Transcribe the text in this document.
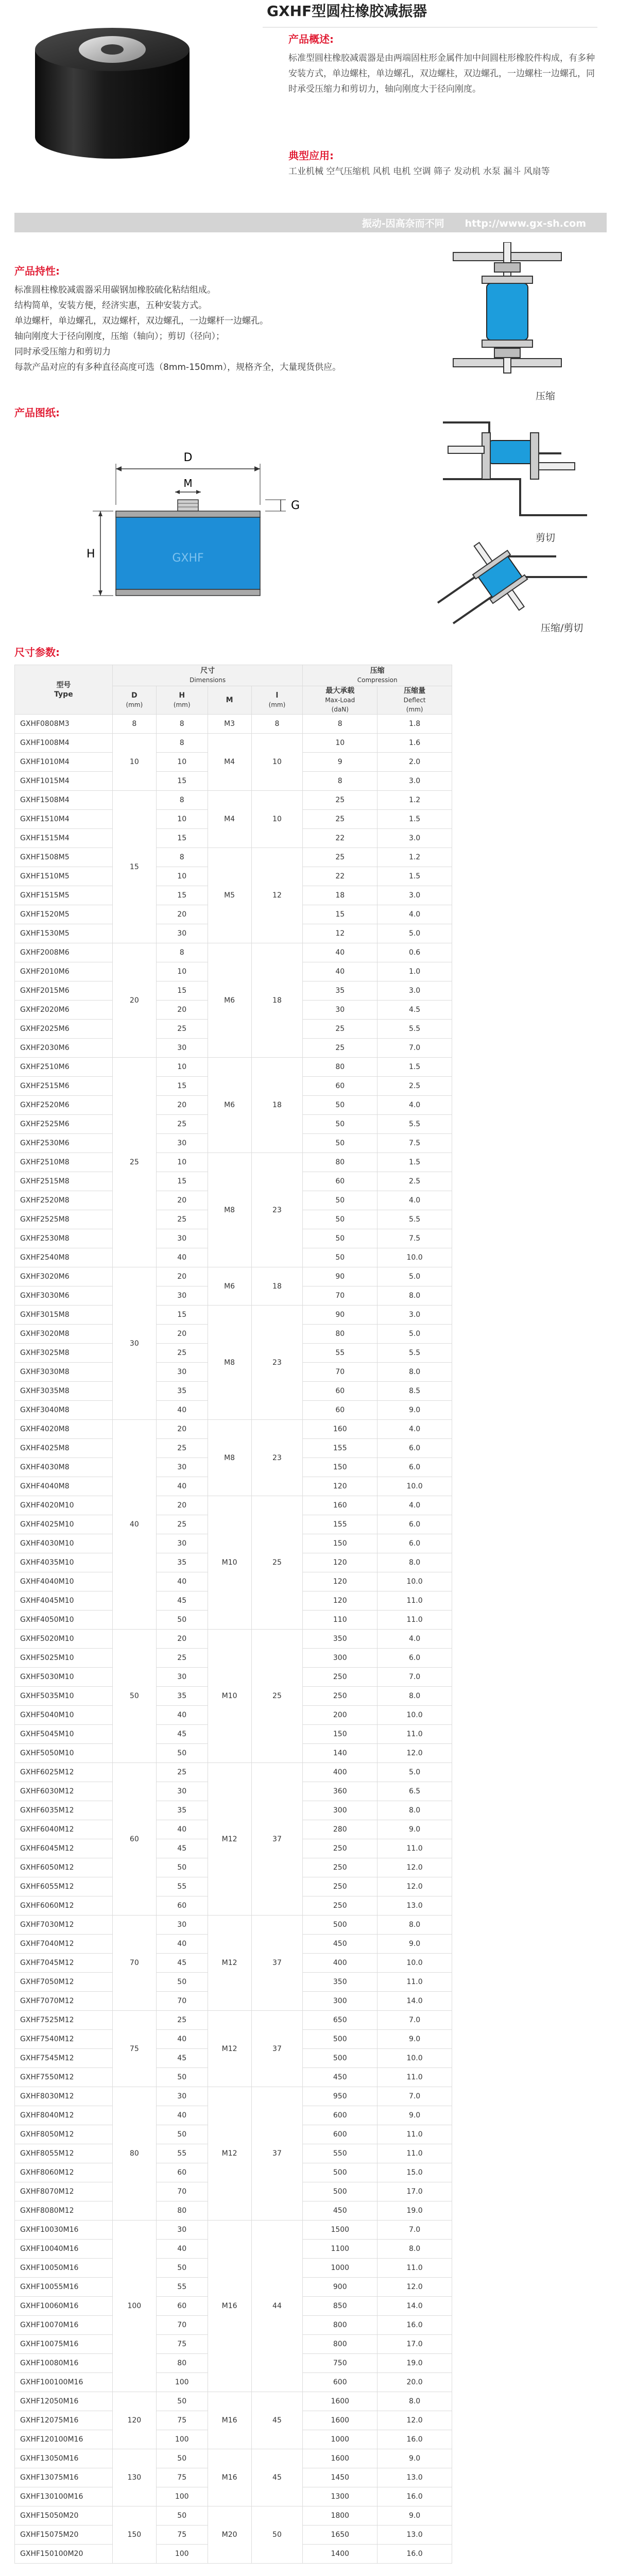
GXHF型圆柱橡胶减振器
产品概述:
标准型圆柱橡胶减震器是由两端固柱形金属件加中间圆柱形橡胶件构成，有多种安装方式，单边螺柱，单边螺孔，双边螺柱，双边螺孔，一边螺柱一边螺孔，同时承受压缩力和剪切力，轴向刚度大于径向刚度。
典型应用:
工业机械 空气压缩机 风机 电机 空调 筛子 发动机 水泵 漏斗 风扇等
振动-因高奈而不同 http://www.gx-sh.com
产品持性:
标准圆柱橡胶减震器采用碳钢加橡胶硫化粘结组成。
结构简单，安装方便，经济实惠，五种安装方式。
单边螺杆，单边螺孔，双边螺杆，双边螺孔，一边螺杆一边螺孔。
轴向刚度大于径向刚度，压缩（轴向）；剪切（径向）；
同时承受压缩力和剪切力
每款产品对应的有多种直径高度可选（8mm-150mm），规格齐全，大量现货供应。
压缩
剪切
压缩/剪切
产品图纸:
D
M
GXHF
G
H
尺寸参数:
型号
Type	尺寸
Dimensions				压缩
Compression	

	D
(mm)	H
(mm)	M	l
(mm)	最大承载
Max-Load
(daN)	压缩量
Deflect
(mm)

GXHF0808M3	8	8	M3	8	8	1.8
GXHF1008M4	10	8	M4	10	10	1.6
GXHF1010M4		10			9	2.0
GXHF1015M4		15			8	3.0
GXHF1508M4	15	8	M4	10	25	1.2
GXHF1510M4		10			25	1.5
GXHF1515M4		15			22	3.0
GXHF1508M5		8	M5	12	25	1.2
GXHF1510M5		10			22	1.5
GXHF1515M5		15			18	3.0
GXHF1520M5		20			15	4.0
GXHF1530M5		30			12	5.0
GXHF2008M6	20	8	M6	18	40	0.6
GXHF2010M6		10			40	1.0
GXHF2015M6		15			35	3.0
GXHF2020M6		20			30	4.5
GXHF2025M6		25			25	5.5
GXHF2030M6		30			25	7.0
GXHF2510M6	25	10	M6	18	80	1.5
GXHF2515M6		15			60	2.5
GXHF2520M6		20			50	4.0
GXHF2525M6		25			50	5.5
GXHF2530M6		30			50	7.5
GXHF2510M8		10	M8	23	80	1.5
GXHF2515M8		15			60	2.5
GXHF2520M8		20			50	4.0
GXHF2525M8		25			50	5.5
GXHF2530M8		30			50	7.5
GXHF2540M8		40			50	10.0
GXHF3020M6	30	20	M6	18	90	5.0
GXHF3030M6		30			70	8.0
GXHF3015M8		15	M8	23	90	3.0
GXHF3020M8		20			80	5.0
GXHF3025M8		25			55	5.5
GXHF3030M8		30			70	8.0
GXHF3035M8		35			60	8.5
GXHF3040M8		40			60	9.0
GXHF4020M8	40	20	M8	23	160	4.0
GXHF4025M8		25			155	6.0
GXHF4030M8		30			150	6.0
GXHF4040M8		40			120	10.0
GXHF4020M10		20	M10	25	160	4.0
GXHF4025M10		25			155	6.0
GXHF4030M10		30			150	6.0
GXHF4035M10		35			120	8.0
GXHF4040M10		40			120	10.0
GXHF4045M10		45			120	11.0
GXHF4050M10		50			110	11.0
GXHF5020M10	50	20	M10	25	350	4.0
GXHF5025M10		25			300	6.0
GXHF5030M10		30			250	7.0
GXHF5035M10		35			250	8.0
GXHF5040M10		40			200	10.0
GXHF5045M10		45			150	11.0
GXHF5050M10		50			140	12.0
GXHF6025M12	60	25	M12	37	400	5.0
GXHF6030M12		30			360	6.5
GXHF6035M12		35			300	8.0
GXHF6040M12		40			280	9.0
GXHF6045M12		45			250	11.0
GXHF6050M12		50			250	12.0
GXHF6055M12		55			250	12.0
GXHF6060M12		60			250	13.0
GXHF7030M12	70	30	M12	37	500	8.0
GXHF7040M12		40			450	9.0
GXHF7045M12		45			400	10.0
GXHF7050M12		50			350	11.0
GXHF7070M12		70			300	14.0
GXHF7525M12	75	25	M12	37	650	7.0
GXHF7540M12		40			500	9.0
GXHF7545M12		45			500	10.0
GXHF7550M12		50			450	11.0
GXHF8030M12	80	30	M12	37	950	7.0
GXHF8040M12		40			600	9.0
GXHF8050M12		50			600	11.0
GXHF8055M12		55			550	11.0
GXHF8060M12		60			500	15.0
GXHF8070M12		70			500	17.0
GXHF8080M12		80			450	19.0
GXHF10030M16	100	30	M16	44	1500	7.0
GXHF10040M16		40			1100	8.0
GXHF10050M16		50			1000	11.0
GXHF10055M16		55			900	12.0
GXHF10060M16		60			850	14.0
GXHF10070M16		70			800	16.0
GXHF10075M16		75			800	17.0
GXHF10080M16		80			750	19.0
GXHF100100M16		100			600	20.0
GXHF12050M16	120	50	M16	45	1600	8.0
GXHF12075M16		75			1600	12.0
GXHF120100M16		100			1000	16.0
GXHF13050M16	130	50	M16	45	1600	9.0
GXHF13075M16		75			1450	13.0
GXHF130100M16		100			1300	16.0
GXHF15050M20	150	50	M20	50	1800	9.0
GXHF15075M20		75			1650	13.0
GXHF150100M20		100			1400	16.0
